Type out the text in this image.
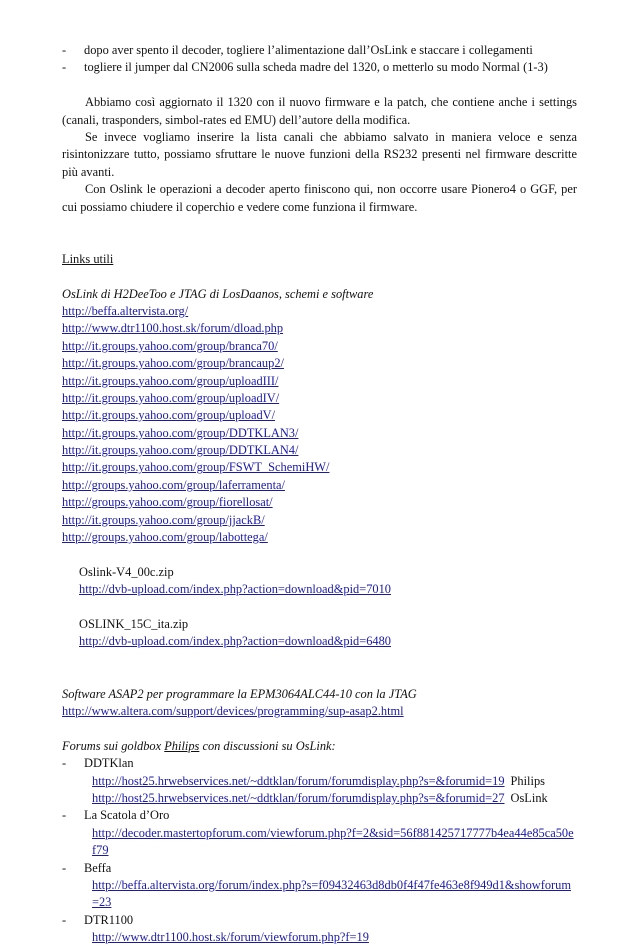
- dopo aver spento il decoder, togliere l’alimentazione dall’OsLink e staccare i collegamenti
- togliere il jumper dal CN2006 sulla scheda madre del 1320, o metterlo su modo Normal (1-3)

Abbiamo così aggiornato il 1320 con il nuovo firmware e la patch, che contiene anche i settings (canali, trasponders, simbol-rates ed EMU) dell’autore della modifica.

Se invece vogliamo inserire la lista canali che abbiamo salvato in maniera veloce e senza risintonizzare tutto, possiamo sfruttare le nuove funzioni della RS232 presenti nel firmware descritte più avanti.

Con Oslink le operazioni a decoder aperto finiscono qui, non occorre usare Pionero4 o GGF, per cui possiamo chiudere il coperchio e vedere come funziona il firmware.

Links utili
OsLink di H2DeeToo e JTAG di LosDaanos, schemi e software
http://beffa.altervista.org/
http://www.dtr1100.host.sk/forum/dload.php
http://it.groups.yahoo.com/group/branca70/
http://it.groups.yahoo.com/group/brancaup2/
http://it.groups.yahoo.com/group/uploadIII/
http://it.groups.yahoo.com/group/uploadIV/
http://it.groups.yahoo.com/group/uploadV/
http://it.groups.yahoo.com/group/DDTKLAN3/
http://it.groups.yahoo.com/group/DDTKLAN4/
http://it.groups.yahoo.com/group/FSWT_SchemiHW/
http://groups.yahoo.com/group/laferramenta/
http://groups.yahoo.com/group/fiorellosat/
http://it.groups.yahoo.com/group/jjackB/
http://groups.yahoo.com/group/labottega/
Oslink-V4_00c.zip
http://dvb-upload.com/index.php?action=download&pid=7010
OSLINK_15C_ita.zip
http://dvb-upload.com/index.php?action=download&pid=6480
Software ASAP2 per programmare la EPM3064ALC44-10 con la JTAG
http://www.altera.com/support/devices/programming/sup-asap2.html
Forums sui goldbox Philips con discussioni su OsLink:
- DDTKlan
http://host25.hrwebservices.net/~ddtklan/forum/forumdisplay.php?s=&forumid=19 Philips
http://host25.hrwebservices.net/~ddtklan/forum/forumdisplay.php?s=&forumid=27 OsLink
- La Scatola d’Oro
http://decoder.mastertopforum.com/viewforum.php?f=2&sid=56f881425717777b4ea44e85ca50ef79
- Beffa
http://beffa.altervista.org/forum/index.php?s=f09432463d8db0f4f47fe463e8f949d1&showforum=23
- DTR1100
http://www.dtr1100.host.sk/forum/viewforum.php?f=19
